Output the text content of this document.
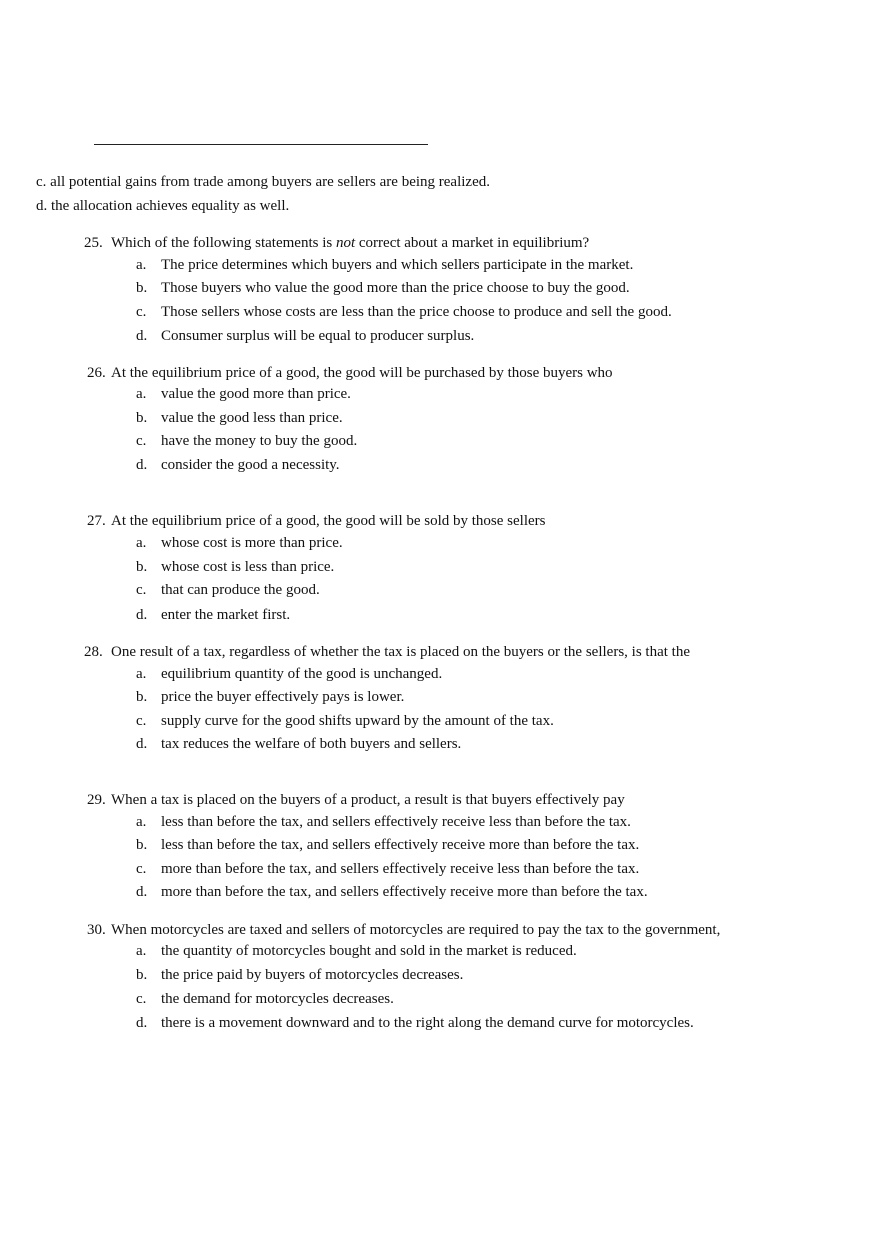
c. all potential gains from trade among buyers are sellers are being realized.
d. the allocation achieves equality as well.
25. Which of the following statements is not correct about a market in equilibrium?
a. The price determines which buyers and which sellers participate in the market.
b. Those buyers who value the good more than the price choose to buy the good.
c. Those sellers whose costs are less than the price choose to produce and sell the good.
d. Consumer surplus will be equal to producer surplus.
26. At the equilibrium price of a good, the good will be purchased by those buyers who
a. value the good more than price.
b. value the good less than price.
c. have the money to buy the good.
d. consider the good a necessity.
27. At the equilibrium price of a good, the good will be sold by those sellers
a. whose cost is more than price.
b. whose cost is less than price.
c. that can produce the good.
d. enter the market first.
28. One result of a tax, regardless of whether the tax is placed on the buyers or the sellers, is that the
a. equilibrium quantity of the good is unchanged.
b. price the buyer effectively pays is lower.
c. supply curve for the good shifts upward by the amount of the tax.
d. tax reduces the welfare of both buyers and sellers.
29. When a tax is placed on the buyers of a product, a result is that buyers effectively pay
a. less than before the tax, and sellers effectively receive less than before the tax.
b. less than before the tax, and sellers effectively receive more than before the tax.
c. more than before the tax, and sellers effectively receive less than before the tax.
d. more than before the tax, and sellers effectively receive more than before the tax.
30. When motorcycles are taxed and sellers of motorcycles are required to pay the tax to the government,
a. the quantity of motorcycles bought and sold in the market is reduced.
b. the price paid by buyers of motorcycles decreases.
c. the demand for motorcycles decreases.
d. there is a movement downward and to the right along the demand curve for motorcycles.
